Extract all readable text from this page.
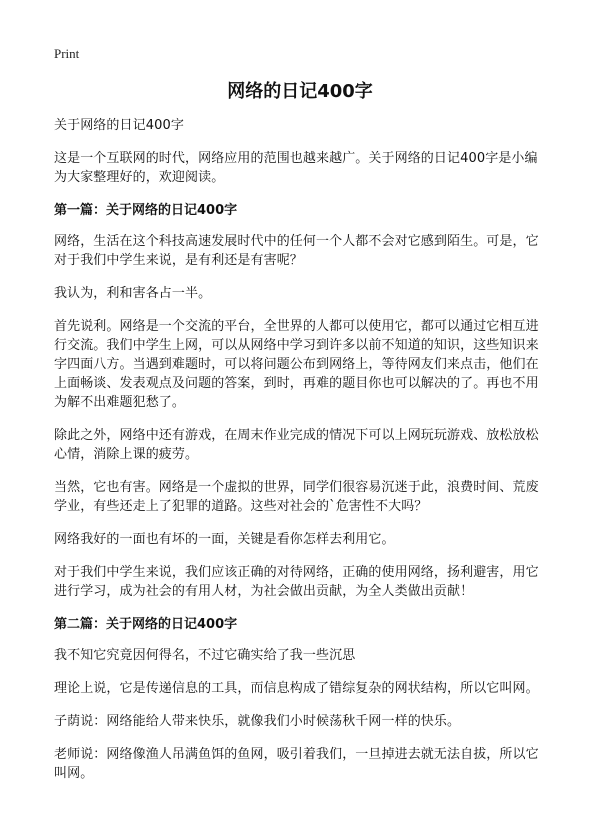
Print
网络的日记400字
关于网络的日记400字
这是一个互联网的时代，网络应用的范围也越来越广。关于网络的日记400字是小编为大家整理好的，欢迎阅读。
第一篇：关于网络的日记400字
网络，生活在这个科技高速发展时代中的任何一个人都不会对它感到陌生。可是，它对于我们中学生来说，是有利还是有害呢？
我认为，利和害各占一半。
首先说利。网络是一个交流的平台，全世界的人都可以使用它，都可以通过它相互进行交流。我们中学生上网，可以从网络中学习到许多以前不知道的知识，这些知识来字四面八方。当遇到难题时，可以将问题公布到网络上，等待网友们来点击，他们在上面畅谈、发表观点及问题的答案，到时，再难的题目你也可以解决的了。再也不用为解不出难题犯愁了。
除此之外，网络中还有游戏，在周末作业完成的情况下可以上网玩玩游戏、放松放松心情，消除上课的疲劳。
当然，它也有害。网络是一个虚拟的世界，同学们很容易沉迷于此，浪费时间、荒废学业，有些还走上了犯罪的道路。这些对社会的`危害性不大吗？
网络我好的一面也有坏的一面，关键是看你怎样去利用它。
对于我们中学生来说，我们应该正确的对待网络，正确的使用网络，扬利避害，用它进行学习，成为社会的有用人材，为社会做出贡献，为全人类做出贡献！
第二篇：关于网络的日记400字
我不知它究竟因何得名，不过它确实给了我一些沉思
理论上说，它是传递信息的工具，而信息构成了错综复杂的网状结构，所以它叫网。
子荫说：网络能给人带来快乐，就像我们小时候荡秋千网一样的快乐。
老师说：网络像渔人吊满鱼饵的鱼网，吸引着我们，一旦掉进去就无法自拔，所以它叫网。
